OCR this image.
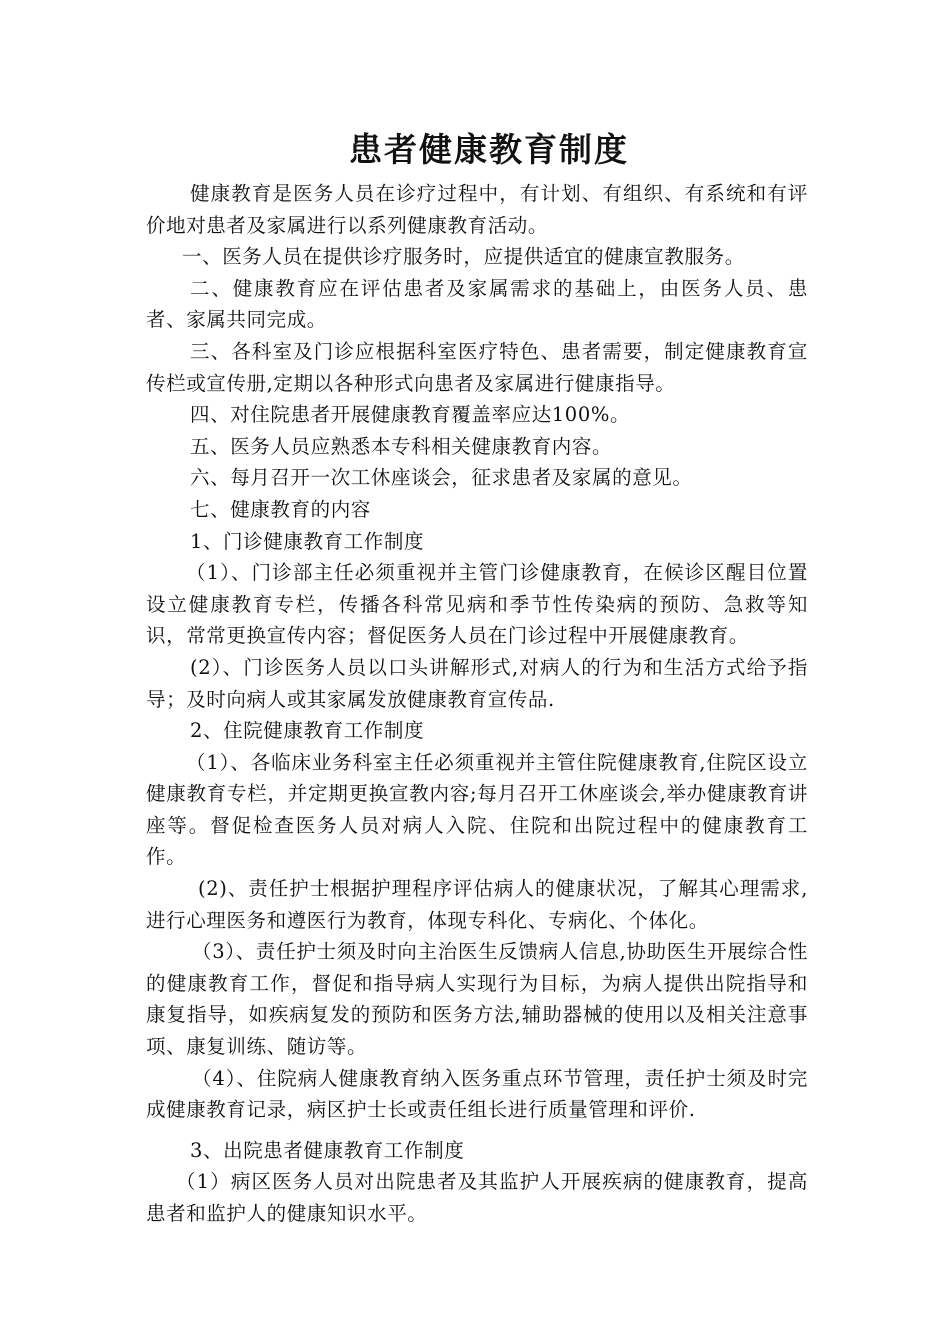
患者健康教育制度

健康教育是医务人员在诊疗过程中，有计划、有组织、有系统和有评价地对患者及家属进行以系列健康教育活动。

一、医务人员在提供诊疗服务时，应提供适宜的健康宣教服务。

二、健康教育应在评估患者及家属需求的基础上，由医务人员、患者、家属共同完成。

三、各科室及门诊应根据科室医疗特色、患者需要，制定健康教育宣传栏或宣传册,定期以各种形式向患者及家属进行健康指导。

四、对住院患者开展健康教育覆盖率应达100%。

五、医务人员应熟悉本专科相关健康教育内容。

六、每月召开一次工休座谈会，征求患者及家属的意见。

七、健康教育的内容

1、门诊健康教育工作制度

（1）、门诊部主任必须重视并主管门诊健康教育，在候诊区醒目位置设立健康教育专栏，传播各科常见病和季节性传染病的预防、急救等知识，常常更换宣传内容；督促医务人员在门诊过程中开展健康教育。

(2）、门诊医务人员以口头讲解形式,对病人的行为和生活方式给予指导；及时向病人或其家属发放健康教育宣传品.

2、住院健康教育工作制度

（1）、各临床业务科室主任必须重视并主管住院健康教育,住院区设立健康教育专栏，并定期更换宣教内容;每月召开工休座谈会,举办健康教育讲座等。督促检查医务人员对病人入院、住院和出院过程中的健康教育工作。

(2)、责任护士根据护理程序评估病人的健康状况，了解其心理需求,进行心理医务和遵医行为教育，体现专科化、专病化、个体化。

（3）、责任护士须及时向主治医生反馈病人信息,协助医生开展综合性的健康教育工作，督促和指导病人实现行为目标，为病人提供出院指导和康复指导，如疾病复发的预防和医务方法,辅助器械的使用以及相关注意事项、康复训练、随访等。

（4）、住院病人健康教育纳入医务重点环节管理，责任护士须及时完成健康教育记录，病区护士长或责任组长进行质量管理和评价.

3、出院患者健康教育工作制度

（1）病区医务人员对出院患者及其监护人开展疾病的健康教育，提高患者和监护人的健康知识水平。
